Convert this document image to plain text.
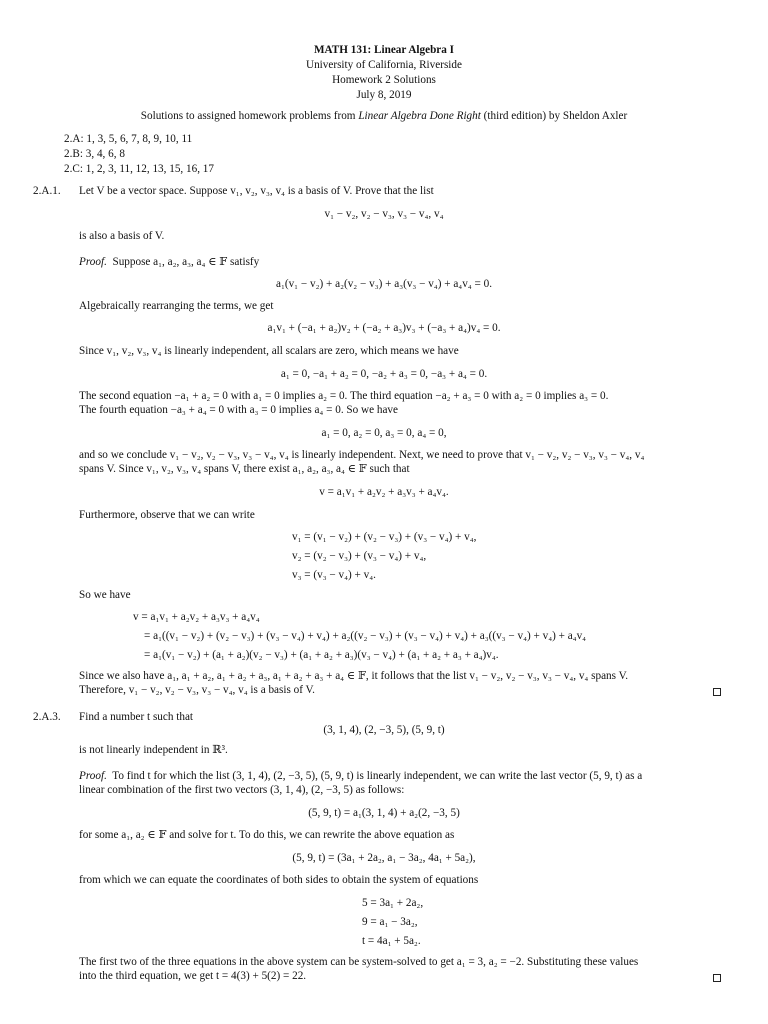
MATH 131: Linear Algebra I
University of California, Riverside
Homework 2 Solutions
July 8, 2019
Solutions to assigned homework problems from Linear Algebra Done Right (third edition) by Sheldon Axler
2.A: 1, 3, 5, 6, 7, 8, 9, 10, 11
2.B: 3, 4, 6, 8
2.C: 1, 2, 3, 11, 12, 13, 15, 16, 17
2.A.1. Let V be a vector space. Suppose v₁, v₂, v₃, v₄ is a basis of V. Prove that the list
v₁ − v₂, v₂ − v₃, v₃ − v₄, v₄
is also a basis of V.
Proof. Suppose a₁, a₂, a₃, a₄ ∈ 𝔽 satisfy
a₁(v₁ − v₂) + a₂(v₂ − v₃) + a₃(v₃ − v₄) + a₄v₄ = 0.
Algebraically rearranging the terms, we get
a₁v₁ + (−a₁ + a₂)v₂ + (−a₂ + a₃)v₃ + (−a₃ + a₄)v₄ = 0.
Since v₁, v₂, v₃, v₄ is linearly independent, all scalars are zero, which means we have
a₁ = 0, −a₁ + a₂ = 0, −a₂ + a₃ = 0, −a₃ + a₄ = 0.
The second equation −a₁ + a₂ = 0 with a₁ = 0 implies a₂ = 0. The third equation −a₂ + a₃ = 0 with a₂ = 0 implies a₃ = 0.
The fourth equation −a₃ + a₄ = 0 with a₃ = 0 implies a₄ = 0. So we have
a₁ = 0, a₂ = 0, a₃ = 0, a₄ = 0,
and so we conclude v₁ − v₂, v₂ − v₃, v₃ − v₄, v₄ is linearly independent. Next, we need to prove that v₁ − v₂, v₂ − v₃, v₃ − v₄, v₄
spans V. Since v₁, v₂, v₃, v₄ spans V, there exist a₁, a₂, a₃, a₄ ∈ 𝔽 such that
v = a₁v₁ + a₂v₂ + a₃v₃ + a₄v₄.
Furthermore, observe that we can write
v₁ = (v₁ − v₂) + (v₂ − v₃) + (v₃ − v₄) + v₄,
v₂ = (v₂ − v₃) + (v₃ − v₄) + v₄,
v₃ = (v₃ − v₄) + v₄.
So we have
v = a₁v₁ + a₂v₂ + a₃v₃ + a₄v₄
= a₁((v₁ − v₂) + (v₂ − v₃) + (v₃ − v₄) + v₄) + a₂((v₂ − v₃) + (v₃ − v₄) + v₄) + a₃((v₃ − v₄) + v₄) + a₄v₄
= a₁(v₁ − v₂) + (a₁ + a₂)(v₂ − v₃) + (a₁ + a₂ + a₃)(v₃ − v₄) + (a₁ + a₂ + a₃ + a₄)v₄.
Since we also have a₁, a₁ + a₂, a₁ + a₂ + a₃, a₁ + a₂ + a₃ + a₄ ∈ 𝔽, it follows that the list v₁ − v₂, v₂ − v₃, v₃ − v₄, v₄ spans V.
Therefore, v₁ − v₂, v₂ − v₃, v₃ − v₄, v₄ is a basis of V.
2.A.3. Find a number t such that
(3, 1, 4), (2, −3, 5), (5, 9, t)
is not linearly independent in ℝ³.
Proof. To find t for which the list (3, 1, 4), (2, −3, 5), (5, 9, t) is linearly independent, we can write the last vector (5, 9, t) as a
linear combination of the first two vectors (3, 1, 4), (2, −3, 5) as follows:
(5, 9, t) = a₁(3, 1, 4) + a₂(2, −3, 5)
for some a₁, a₂ ∈ 𝔽 and solve for t. To do this, we can rewrite the above equation as
(5, 9, t) = (3a₁ + 2a₂, a₁ − 3a₂, 4a₁ + 5a₂),
from which we can equate the coordinates of both sides to obtain the system of equations
5 = 3a₁ + 2a₂,
9 = a₁ − 3a₂,
t = 4a₁ + 5a₂.
The first two of the three equations in the above system can be system-solved to get a₁ = 3, a₂ = −2. Substituting these values
into the third equation, we get t = 4(3) + 5(2) = 22.
